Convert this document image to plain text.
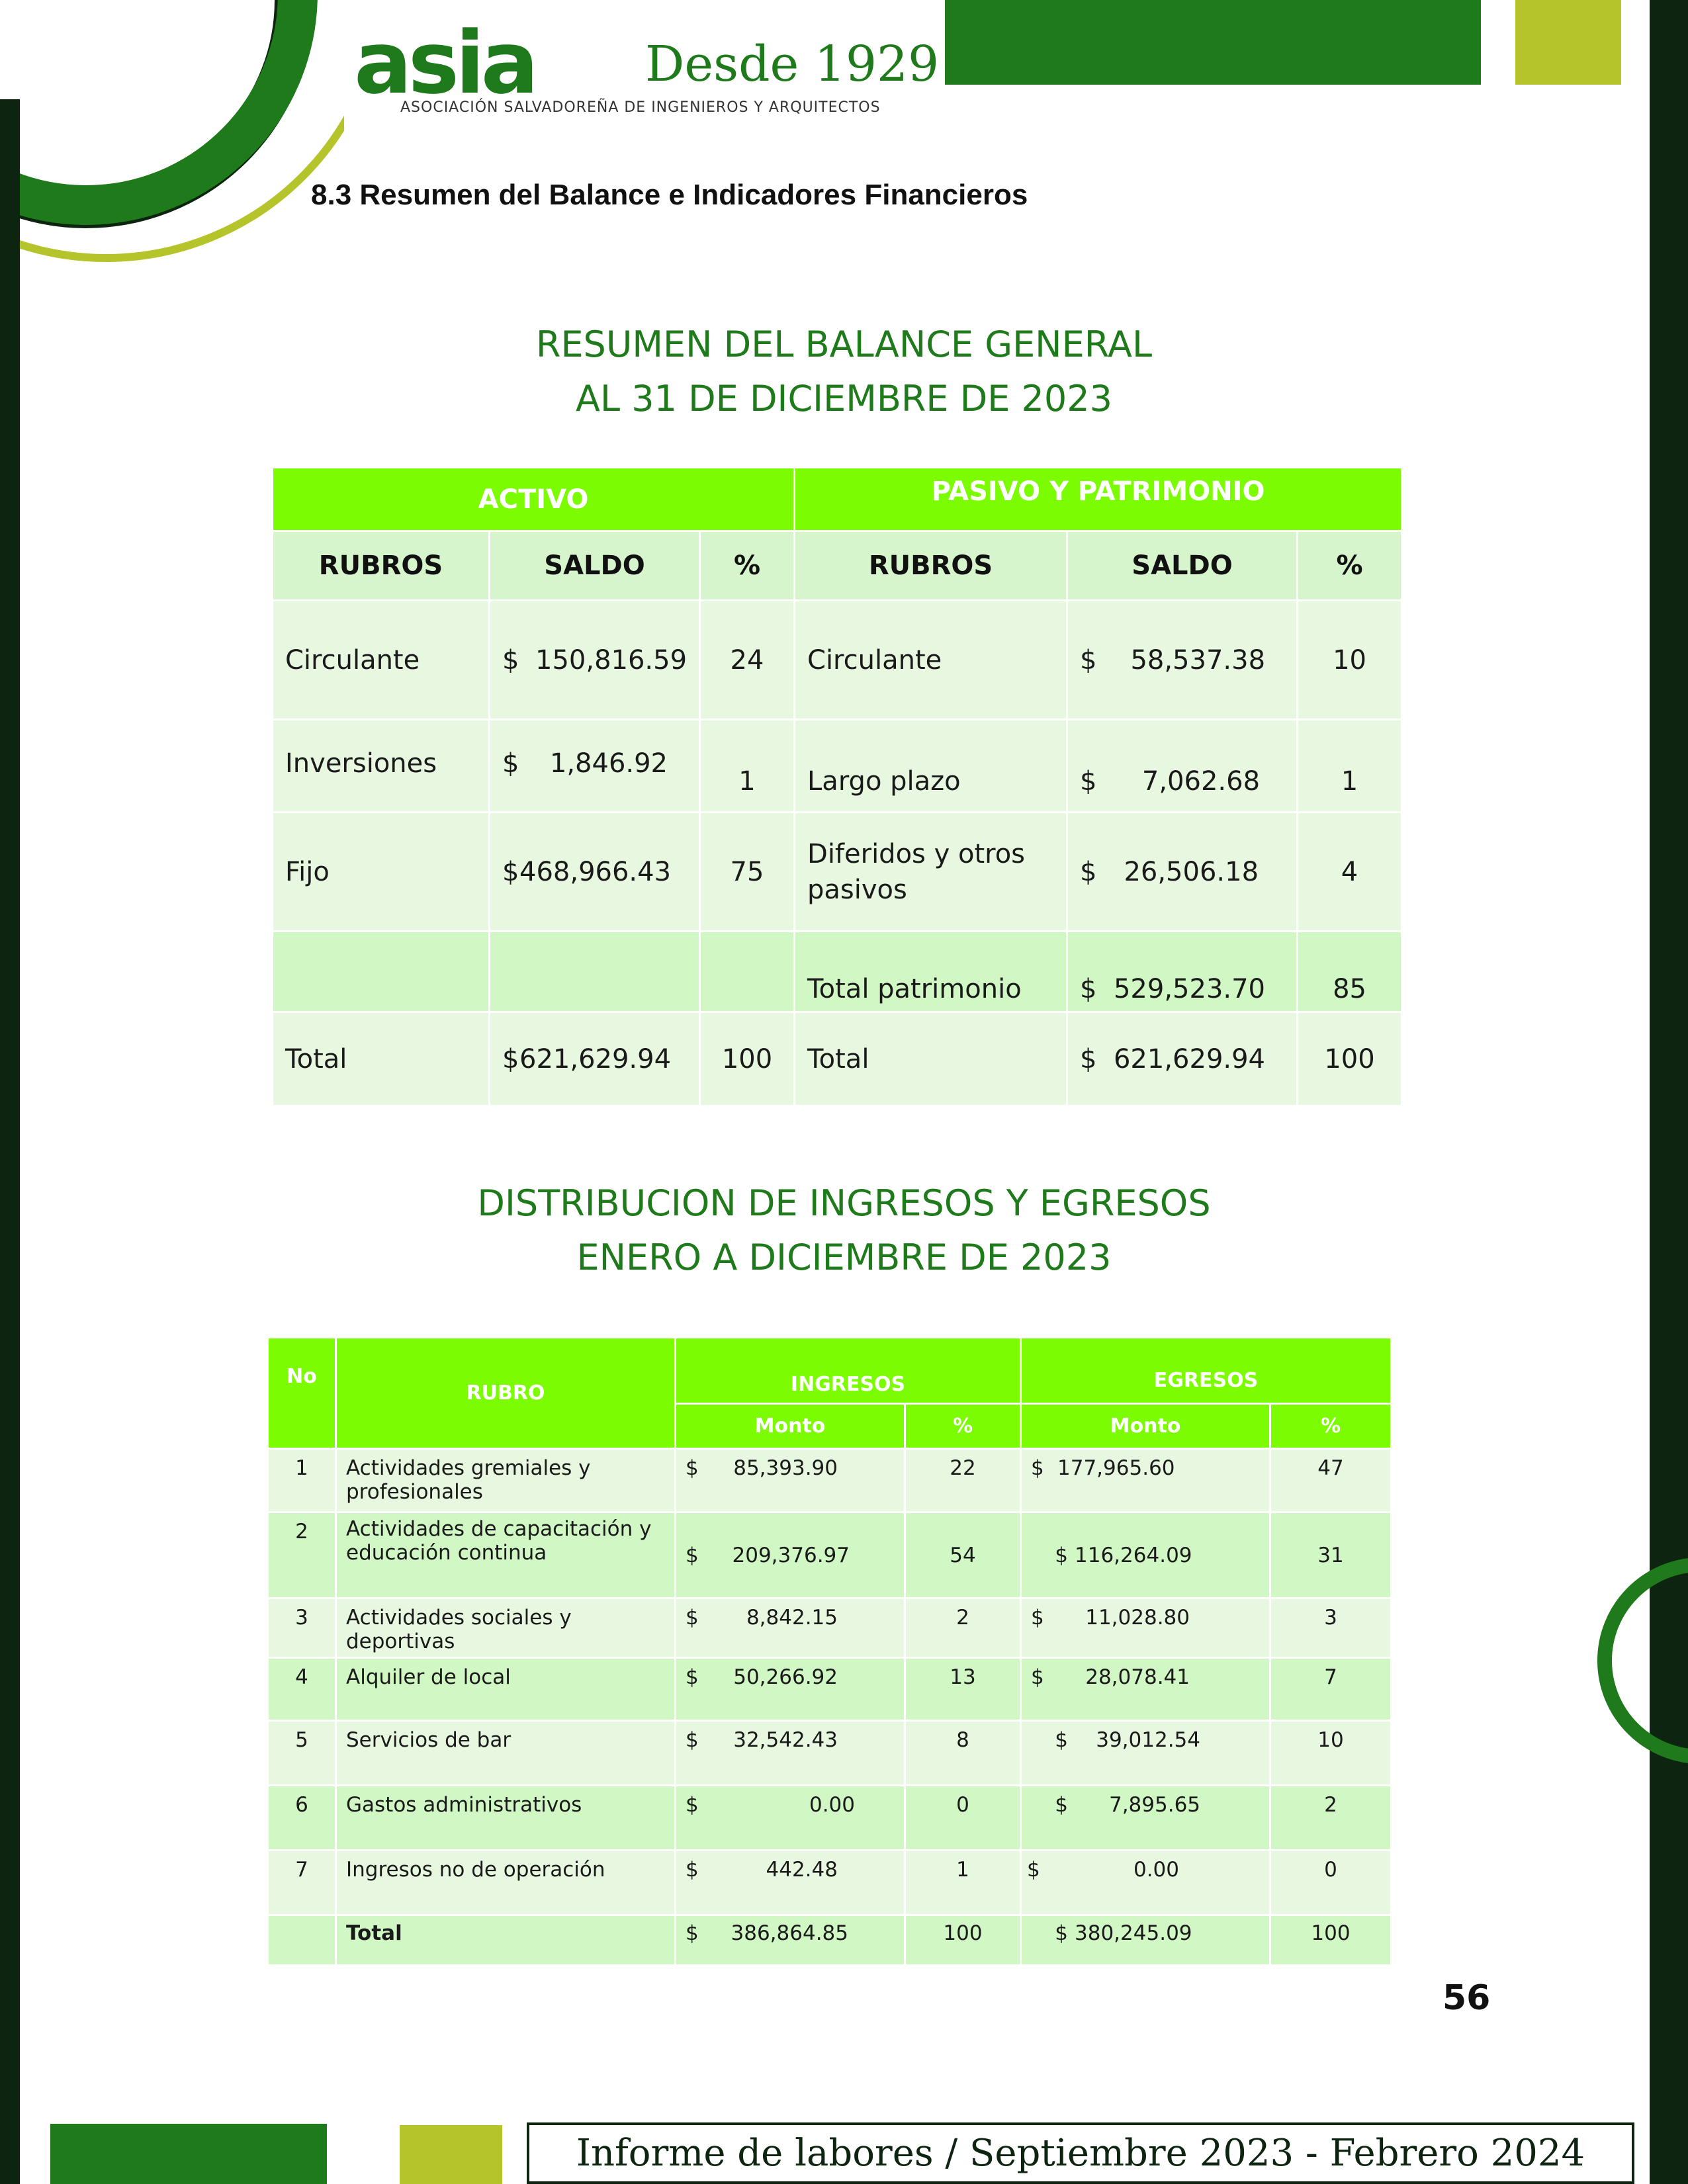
asia Desde 1929
ASOCIACIÓN SALVADOREÑA DE INGENIEROS Y ARQUITECTOS
8.3 Resumen del Balance e Indicadores Financieros
RESUMEN DEL BALANCE GENERAL
AL 31 DE DICIEMBRE DE 2023
ACTIVO			PASIVO Y PATRIMONIO		
RUBROS	SALDO	%	RUBROS	SALDO	%
Circulante	$ 150,816.59	24	Circulante	$ 58,537.38	10
Inversiones	$ 1,846.92	1	Largo plazo	$ 7,062.68	1
Fijo	$468,966.43	75	Diferidos y otros pasivos	$ 26,506.18	4
			Total patrimonio	$ 529,523.70	85
Total	$621,629.94	100	Total	$ 621,629.94	100
DISTRIBUCION DE INGRESOS Y EGRESOS
ENERO A DICIEMBRE DE 2023
No	RUBRO	INGRESOS		EGRESOS	
		Monto	%	Monto	%
1	Actividades gremiales y profesionales	$ 85,393.90	22	$ 177,965.60	47
2	Actividades de capacitación y educación continua	$ 209,376.97	54	$ 116,264.09	31
3	Actividades sociales y deportivas	$ 8,842.15	2	$ 11,028.80	3
4	Alquiler de local	$ 50,266.92	13	$ 28,078.41	7
5	Servicios de bar	$ 32,542.43	8	$ 39,012.54	10
6	Gastos administrativos	$ 0.00	0	$ 7,895.65	2
7	Ingresos no de operación	$ 442.48	1	$ 0.00	0
	Total	$ 386,864.85	100	$ 380,245.09	100
56
Informe de labores / Septiembre 2023 - Febrero 2024
